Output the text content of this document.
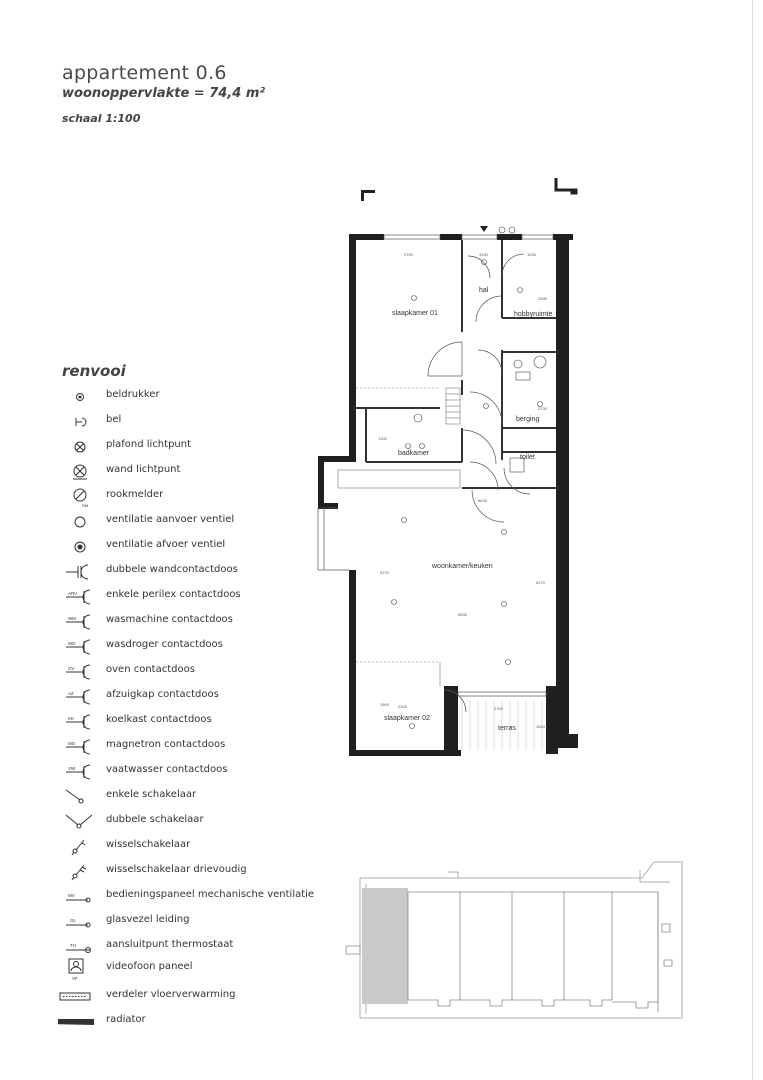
appartement 0.6
woonoppervlakte = 74,4 m²
schaal 1:100
slaapkamer 01
hal
hobbyruimte
berging
badkamer
toilet
woonkamer/keuken
slaapkamer 02
terras
2700	3330	1535
2839
1300
2130
6635
5370
5270
5535
2329	2700
1500
1544
renvooi
beldrukker
bel
plafond lichtpunt
wand lichtpunt
RM
rookmelder
ventilatie aanvoer ventiel
ventilatie afvoer ventiel
dubbele wandcontactdoos
ARV	enkele perilex contactdoos
WM	wasmachine contactdoos
WD	wasdroger contactdoos
OV	oven contactdoos
AZ	afzuigkap contactdoos
KK	koelkast contactdoos
MG	magnetron contactdoos
VW	vaatwasser contactdoos
enkele schakelaar
dubbele schakelaar
wisselschakelaar
wisselschakelaar drievoudig
MV	bedieningspaneel mechanische ventilatie
GL	glasvezel leiding
TH	aansluitpunt thermostaat
VF
videofoon paneel
verdeler vloerverwarming
radiator
